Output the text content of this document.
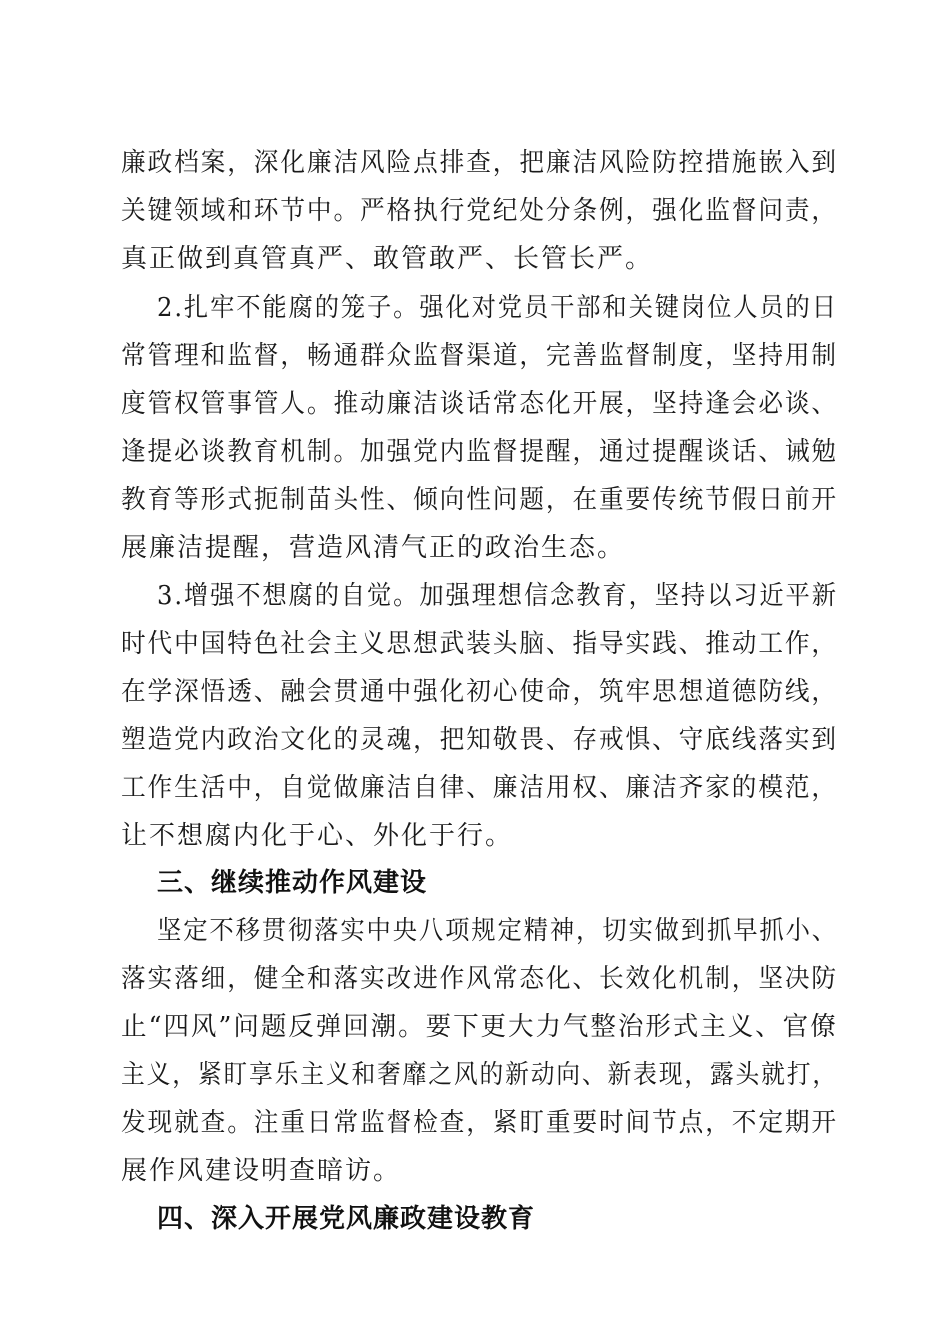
廉政档案，深化廉洁风险点排查，把廉洁风险防控措施嵌入到
关键领域和环节中。严格执行党纪处分条例，强化监督问责，
真正做到真管真严、敢管敢严、长管长严。
2.扎牢不能腐的笼子。强化对党员干部和关键岗位人员的日
常管理和监督，畅通群众监督渠道，完善监督制度，坚持用制
度管权管事管人。推动廉洁谈话常态化开展，坚持逢会必谈、
逢提必谈教育机制。加强党内监督提醒，通过提醒谈话、诫勉
教育等形式扼制苗头性、倾向性问题，在重要传统节假日前开
展廉洁提醒，营造风清气正的政治生态。
3.增强不想腐的自觉。加强理想信念教育，坚持以习近平新
时代中国特色社会主义思想武装头脑、指导实践、推动工作，
在学深悟透、融会贯通中强化初心使命，筑牢思想道德防线，
塑造党内政治文化的灵魂，把知敬畏、存戒惧、守底线落实到
工作生活中，自觉做廉洁自律、廉洁用权、廉洁齐家的模范，
让不想腐内化于心、外化于行。
三、继续推动作风建设
坚定不移贯彻落实中央八项规定精神，切实做到抓早抓小、
落实落细，健全和落实改进作风常态化、长效化机制，坚决防
止“四风”问题反弹回潮。要下更大力气整治形式主义、官僚
主义，紧盯享乐主义和奢靡之风的新动向、新表现，露头就打，
发现就查。注重日常监督检查，紧盯重要时间节点，不定期开
展作风建设明查暗访。
四、深入开展党风廉政建设教育
